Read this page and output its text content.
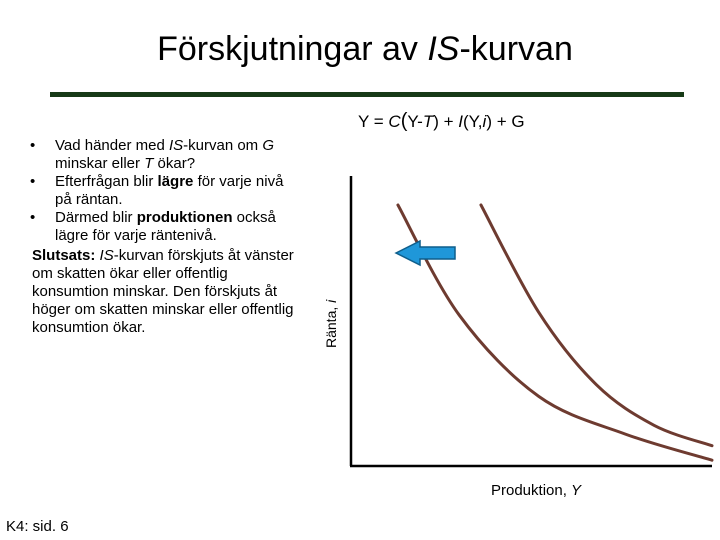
Förskjutningar av IS-kurvan
Y = C(Y-T) + I(Y,i) + G
• Vad händer med IS-kurvan om G minskar eller T ökar?
• Efterfrågan blir lägre för varje nivå på räntan.
• Därmed blir produktionen också lägre för varje räntenivå.
Slutsats: IS-kurvan förskjuts åt vänster om skatten ökar eller offentlig konsumtion minskar. Den förskjuts åt höger om skatten minskar eller offentlig konsumtion ökar.	Ränta, i
Produktion, Y
K4: sid. 6
